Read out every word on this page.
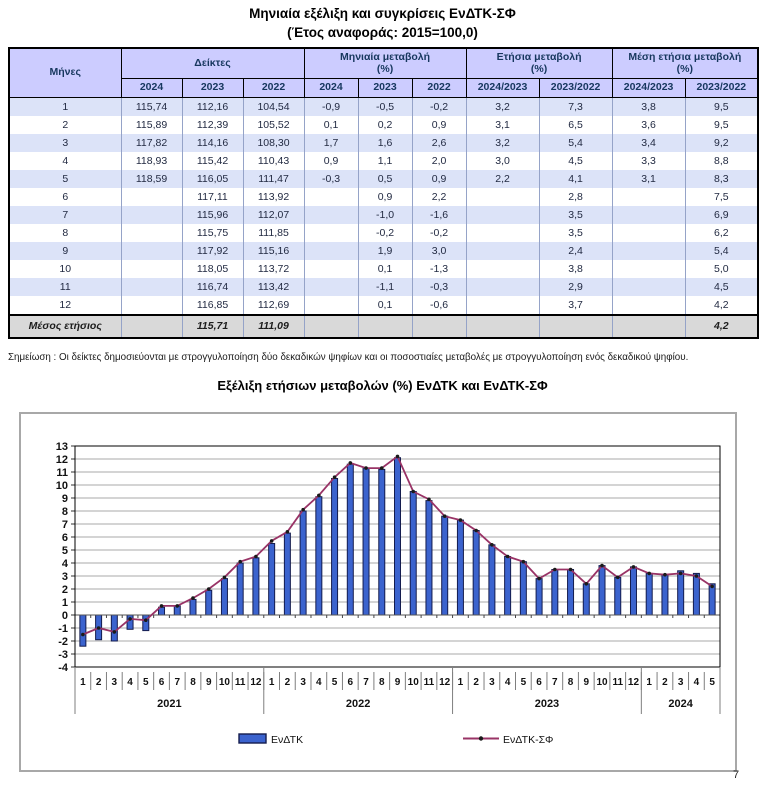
Μηνιαία εξέλιξη και συγκρίσεις ΕνΔΤΚ-ΣΦ
(Έτος αναφοράς: 2015=100,0)
Μήνες	Δείκτες	
Μηνιαία μεταβολή
(%)

Ετήσια μεταβολή
(%)

Μέση ετήσια μεταβολή
(%)

	2024	2023	2022	2024	2023	2022	2024/2023	2023/2022	2024/2023	2023/2022
1	115,74	112,16	104,54	-0,9	-0,5	-0,2	3,2	7,3	3,8	9,5
2	115,89	112,39	105,52	0,1	0,2	0,9	3,1	6,5	3,6	9,5
3	117,82	114,16	108,30	1,7	1,6	2,6	3,2	5,4	3,4	9,2
4	118,93	115,42	110,43	0,9	1,1	2,0	3,0	4,5	3,3	8,8
5	118,59	116,05	111,47	-0,3	0,5	0,9	2,2	4,1	3,1	8,3
6		117,11	113,92		0,9	2,2		2,8		7,5
7		115,96	112,07		-1,0	-1,6		3,5		6,9
8		115,75	111,85		-0,2	-0,2		3,5		6,2
9		117,92	115,16		1,9	3,0		2,4		5,4
10		118,05	113,72		0,1	-1,3		3,8		5,0
11		116,74	113,42		-1,1	-0,3		2,9		4,5
12		116,85	112,69		0,1	-0,6		3,7		4,2
Μέσος ετήσιος		115,71	111,09							4,2
Σημείωση : Οι δείκτες δημοσιεύονται με στρογγυλοποίηση δύο δεκαδικών ψηφίων και οι ποσοστιαίες μεταβολές με στρογγυλοποίηση ενός δεκαδικού ψηφίου.
Εξέλιξη ετήσιων μεταβολών (%) ΕνΔΤΚ και ΕνΔΤΚ-ΣΦ
-4
-3
-2
-1
0
1
2
3
4
5
6
7
8
9
10
11
12
13
1 2 3 4 5 6 7 8 9 10 11 12 1 2 3 4 5 6 7 8 9 10 11 12 1 2 3 4 5 6 7 8 9 10 11 12 1 2 3 4 5
2021	2022	2023	2024
ΕνΔΤΚ	ΕνΔΤΚ-ΣΦ
7
